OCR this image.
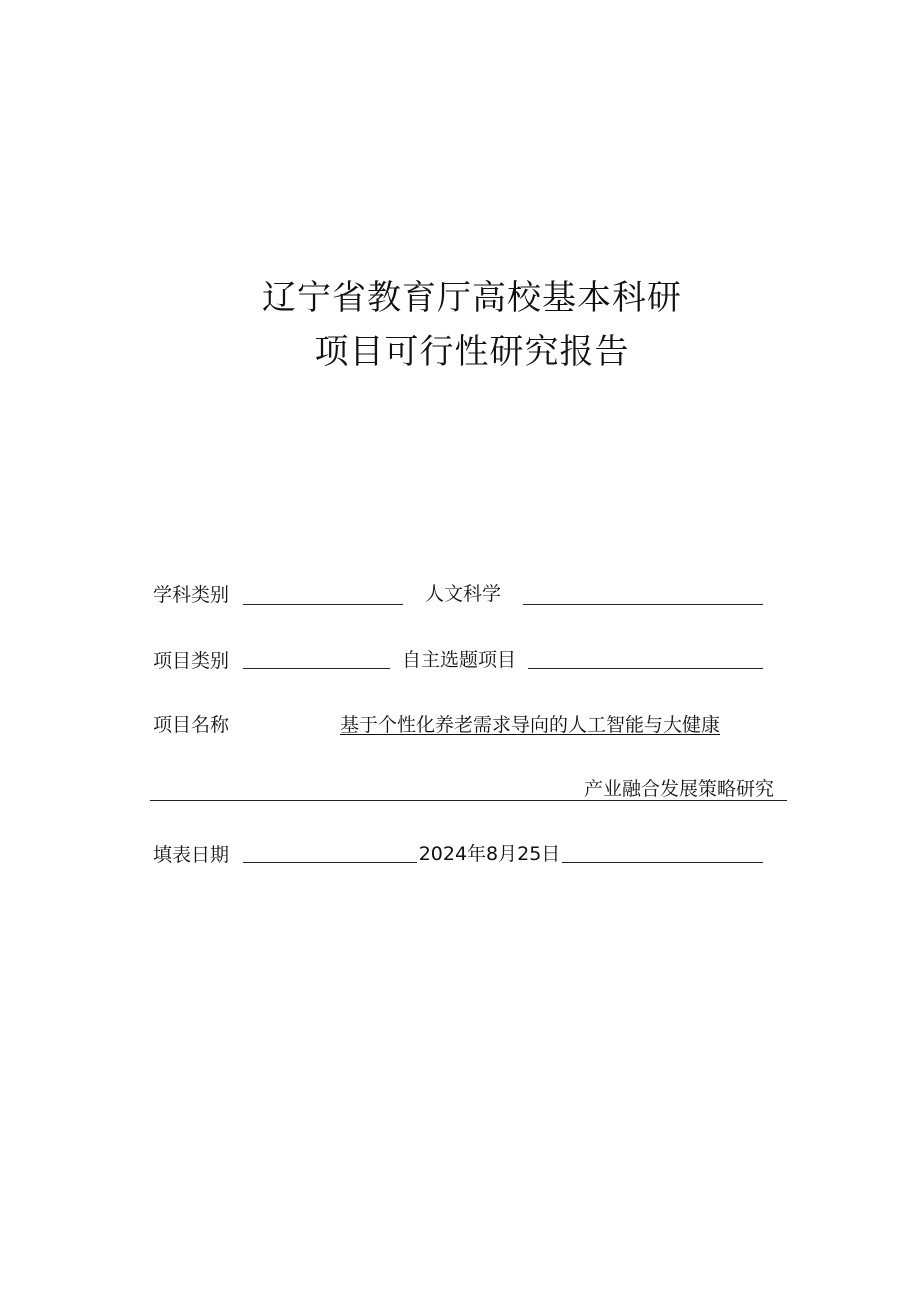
辽宁省教育厅高校基本科研
项目可行性研究报告
学科类别	人文科学
项目类别	自主选题项目
项目名称	基于个性化养老需求导向的人工智能与大健康
产业融合发展策略研究
填表日期	2024年8月25日
